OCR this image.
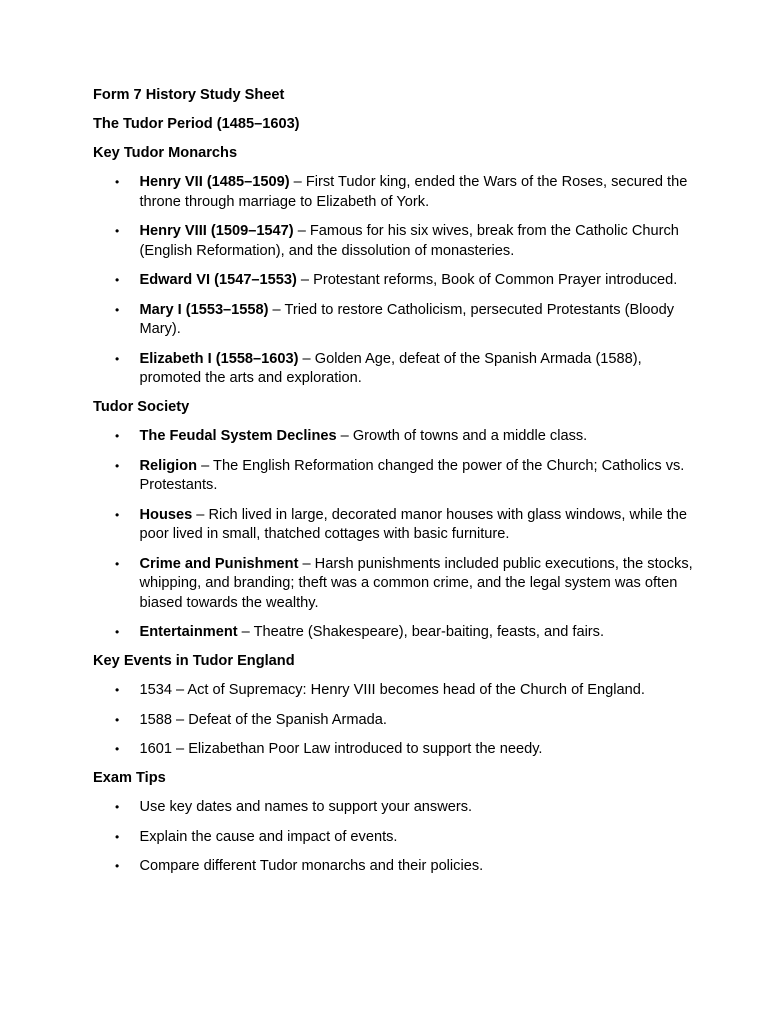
Form 7 History Study Sheet

The Tudor Period (1485–1603)

Key Tudor Monarchs

•
Henry VII (1485–1509) – First Tudor king, ended the Wars of the Roses, secured the throne through marriage to Elizabeth of York.
•
Henry VIII (1509–1547) – Famous for his six wives, break from the Catholic Church (English Reformation), and the dissolution of monasteries.
•
Edward VI (1547–1553) – Protestant reforms, Book of Common Prayer introduced.
•
Mary I (1553–1558) – Tried to restore Catholicism, persecuted Protestants (Bloody Mary).
•
Elizabeth I (1558–1603) – Golden Age, defeat of the Spanish Armada (1588), promoted the arts and exploration.

Tudor Society

•
The Feudal System Declines – Growth of towns and a middle class.
•
Religion – The English Reformation changed the power of the Church; Catholics vs. Protestants.
•
Houses – Rich lived in large, decorated manor houses with glass windows, while the poor lived in small, thatched cottages with basic furniture.
•
Crime and Punishment – Harsh punishments included public executions, the stocks, whipping, and branding; theft was a common crime, and the legal system was often biased towards the wealthy.
•
Entertainment – Theatre (Shakespeare), bear-baiting, feasts, and fairs.

Key Events in Tudor England

•
1534 – Act of Supremacy: Henry VIII becomes head of the Church of England.
•
1588 – Defeat of the Spanish Armada.
•
1601 – Elizabethan Poor Law introduced to support the needy.

Exam Tips

•
Use key dates and names to support your answers.
•
Explain the cause and impact of events.
•
Compare different Tudor monarchs and their policies.
